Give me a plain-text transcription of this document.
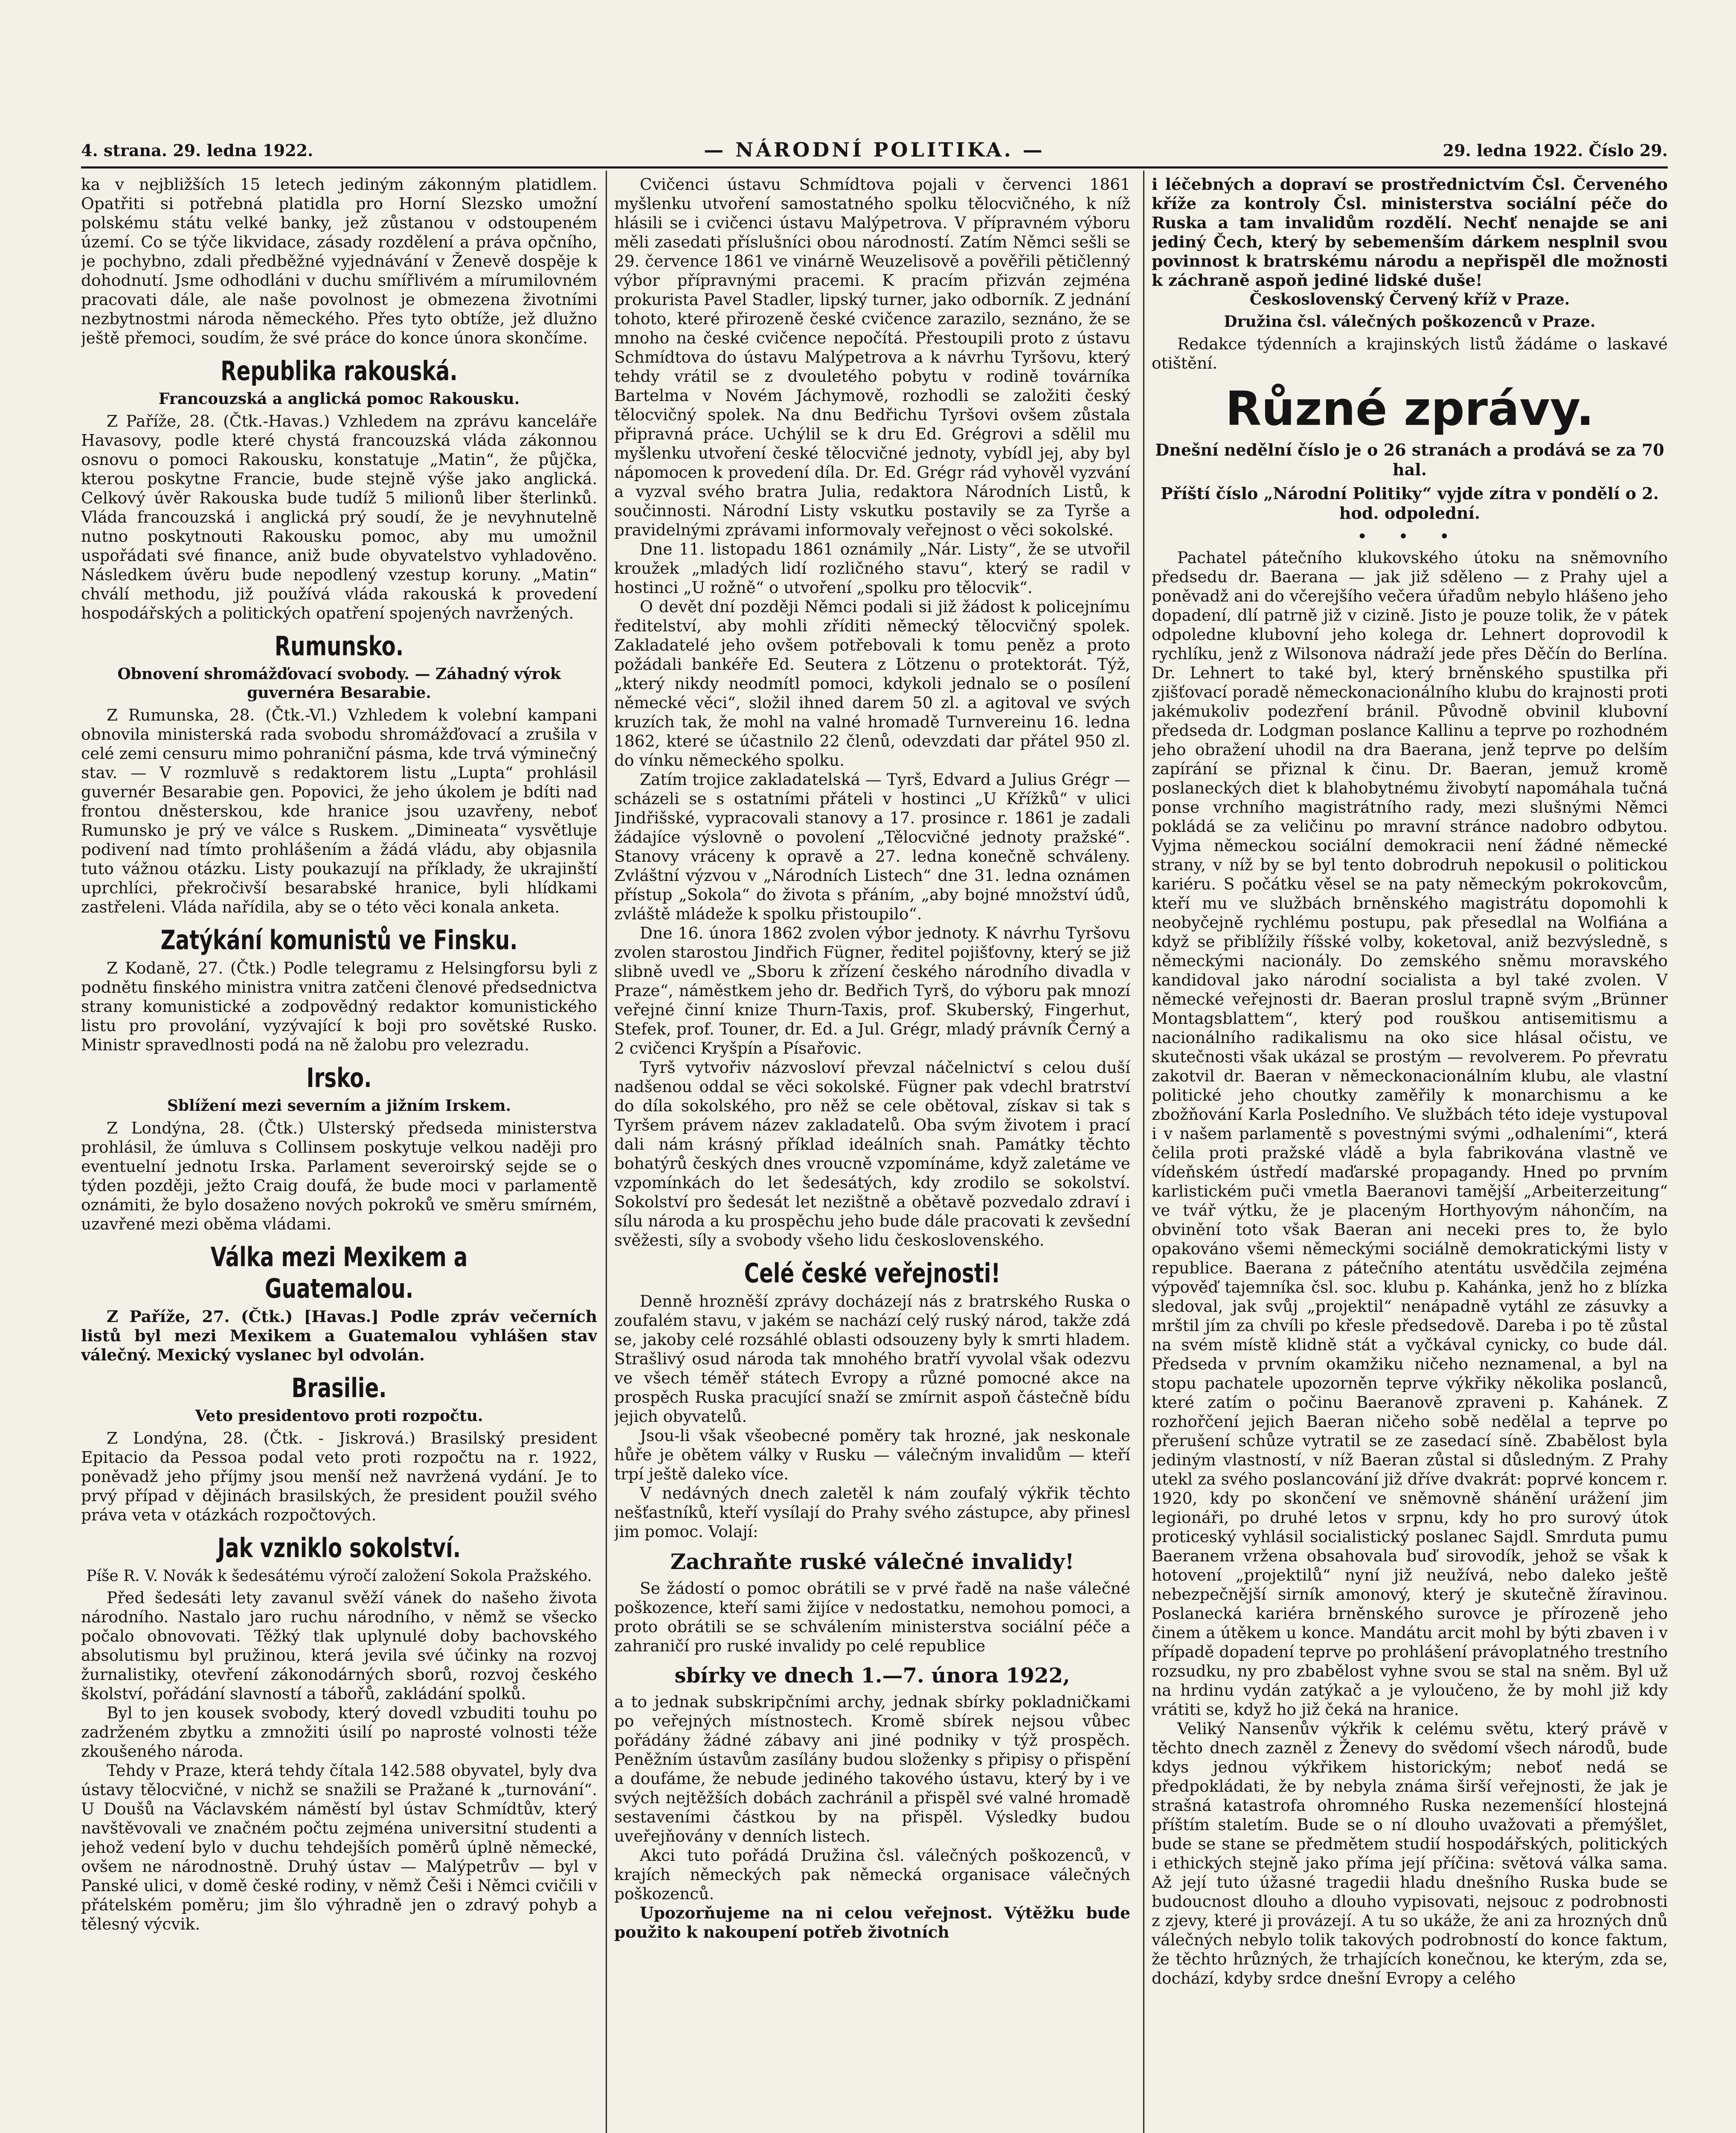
4. strana. 29. ledna 1922.	— NÁRODNÍ POLITIKA. —	29. ledna 1922. Číslo 29.

ka v nejbližších 15 letech jediným zákonným platidlem. Opatřiti si potřebná platidla pro Horní Slezsko umožní polskému státu velké banky, jež zůstanou v odstoupeném území. Co se týče likvidace, zásady rozdělení a práva opčního, je pochybno, zdali předběžné vyjednávání v Ženevě dospěje k dohodnutí. Jsme odhodláni v duchu smířlivém a mírumilovném pracovati dále, ale naše povolnost je obmezena životními nezbytnostmi národa německého. Přes tyto obtíže, jež dlužno ještě přemoci, soudím, že své práce do konce února skončíme.

Republika rakouská.
Francouzská a anglická pomoc Rakousku.

Z Paříže, 28. (Čtk.-Havas.) Vzhledem na zprávu kanceláře Havasovy, podle které chystá francouzská vláda zákonnou osnovu o pomoci Rakousku, konstatuje „Matin“, že půjčka, kterou poskytne Francie, bude stejně výše jako anglická. Celkový úvěr Rakouska bude tudíž 5 milionů liber šterlinků. Vláda francouzská i anglická prý soudí, že je nevyhnutelně nutno poskytnouti Rakousku pomoc, aby mu umožnil uspořádati své finance, aniž bude obyvatelstvo vyhladověno. Následkem úvěru bude nepodlený vzestup koruny. „Matin“ chválí methodu, již používá vláda rakouská k provedení hospodářských a politických opatření spojených navržených.

Rumunsko.
Obnovení shromážďovací svobody. — Záhadný výrok guvernéra Besarabie.

Z Rumunska, 28. (Čtk.-Vl.) Vzhledem k volební kampani obnovila ministerská rada svobodu shromážďovací a zrušila v celé zemi censuru mimo pohraniční pásma, kde trvá výminečný stav. — V rozmluvě s redaktorem listu „Lupta“ prohlásil guvernér Besarabie gen. Popovici, že jeho úkolem je bdíti nad frontou dněsterskou, kde hranice jsou uzavřeny, neboť Rumunsko je prý ve válce s Ruskem. „Dimineata“ vysvětluje podivení nad tímto prohlášením a žádá vládu, aby objasnila tuto vážnou otázku. Listy poukazují na příklady, že ukrajinští uprchlíci, překročivší besarabské hranice, byli hlídkami zastřeleni. Vláda nařídila, aby se o této věci konala anketa.

Zatýkání komunistů ve Finsku.

Z Kodaně, 27. (Čtk.) Podle telegramu z Helsingforsu byli z podnětu finského ministra vnitra zatčeni členové předsednictva strany komunistické a zodpovědný redaktor komunistického listu pro provolání, vyzývající k boji pro sovětské Rusko. Ministr spravedlnosti podá na ně žalobu pro velezradu.

Irsko.
Sblížení mezi severním a jižním Irskem.

Z Londýna, 28. (Čtk.) Ulsterský předseda ministerstva prohlásil, že úmluva s Collinsem poskytuje velkou naději pro eventuelní jednotu Irska. Parlament severoirský sejde se o týden později, ježto Craig doufá, že bude moci v parlamentě oznámiti, že bylo dosaženo nových pokroků ve směru smírném, uzavřené mezi oběma vládami.

Válka mezi Mexikem a Guatemalou.

Z Paříže, 27. (Čtk.) [Havas.] Podle zpráv večerních listů byl mezi Mexikem a Guatemalou vyhlášen stav válečný. Mexický vyslanec byl odvolán.

Brasilie.
Veto presidentovo proti rozpočtu.

Z Londýna, 28. (Čtk. - Jiskrová.) Brasilský president Epitacio da Pessoa podal veto proti rozpočtu na r. 1922, poněvadž jeho příjmy jsou menší než navržená vydání. Je to prvý případ v dějinách brasilských, že president použil svého práva veta v otázkách rozpočtových.

Jak vzniklo sokolství.
Píše R. V. Novák k šedesátému výročí založení Sokola Pražského.

Před šedesáti lety zavanul svěží vánek do našeho života národního. Nastalo jaro ruchu národního, v němž se všecko počalo obnovovati. Těžký tlak uplynulé doby bachovského absolutismu byl pružinou, která jevila své účinky na rozvoj žurnalistiky, otevření zákonodárných sborů, rozvoj českého školství, pořádání slavností a tábořů, zakládání spolků.

Byl to jen kousek svobody, který dovedl vzbuditi touhu po zadrženém zbytku a zmnožiti úsilí po naprosté volnosti téže zkoušeného národa.

Tehdy v Praze, která tehdy čítala 142.588 obyvatel, byly dva ústavy tělocvičné, v nichž se snažili se Pražané k „turnování“. U Doušů na Václavském náměstí byl ústav Schmídtův, který navštěvovali ve značném počtu zejména universitní studenti a jehož vedení bylo v duchu tehdejších poměrů úplně německé, ovšem ne národnostně. Druhý ústav — Malýpetrův — byl v Panské ulici, v domě české rodiny, v němž Češi i Němci cvičili v přátelském poměru; jim šlo výhradně jen o zdravý pohyb a tělesný výcvik.

Cvičenci ústavu Schmídtova pojali v červenci 1861 myšlenku utvoření samostatného spolku tělocvičného, k níž hlásili se i cvičenci ústavu Malýpetrova. V přípravném výboru měli zasedati příslušníci obou národností. Zatím Němci sešli se 29. července 1861 ve vinárně Weuzelisově a pověřili pětičlenný výbor přípravnými pracemi. K pracím přizván zejména prokurista Pavel Stadler, lipský turner, jako odborník. Z jednání tohoto, které přirozeně české cvičence zarazilo, seznáno, že se mnoho na české cvičence nepočítá. Přestoupili proto z ústavu Schmídtova do ústavu Malýpetrova a k návrhu Tyršovu, který tehdy vrátil se z dvouletého pobytu v rodině továrníka Bartelma v Novém Jáchymově, rozhodli se založiti český tělocvičný spolek. Na dnu Bedřichu Tyršovi ovšem zůstala připravná práce. Uchýlil se k dru Ed. Grégrovi a sdělil mu myšlenku utvoření české tělocvičné jednoty, vybídl jej, aby byl nápomocen k provedení díla. Dr. Ed. Grégr rád vyhověl vyzvání a vyzval svého bratra Julia, redaktora Národních Listů, k součinnosti. Národní Listy vskutku postavily se za Tyrše a pravidelnými zprávami informovaly veřejnost o věci sokolské.

Dne 11. listopadu 1861 oznámily „Nár. Listy“, že se utvořil kroužek „mladých lidí rozličného stavu“, který se radil v hostinci „U rožně“ o utvoření „spolku pro tělocvik“.

O devět dní později Němci podali si již žádost k policejnímu ředitelství, aby mohli zříditi německý tělocvičný spolek. Zakladatelé jeho ovšem potřebovali k tomu peněz a proto požádali bankéře Ed. Seutera z Lötzenu o protektorát. Týž, „který nikdy neodmítl pomoci, kdykoli jednalo se o posílení německé věci“, složil ihned darem 50 zl. a agitoval ve svých kruzích tak, že mohl na valné hromadě Turnvereinu 16. ledna 1862, které se účastnilo 22 členů, odevzdati dar přátel 950 zl. do vínku německého spolku.

Zatím trojice zakladatelská — Tyrš, Edvard a Julius Grégr — scházeli se s ostatními přáteli v hostinci „U Křížků“ v ulici Jindřišské, vypracovali stanovy a 17. prosince r. 1861 je zadali žádajíce výslovně o povolení „Tělocvičné jednoty pražské“. Stanovy vráceny k opravě a 27. ledna konečně schváleny. Zvláštní výzvou v „Národních Listech“ dne 31. ledna oznámen přístup „Sokola“ do života s přáním, „aby bojné množství údů, zvláště mládeže k spolku přistoupilo“.

Dne 16. února 1862 zvolen výbor jednoty. K návrhu Tyršovu zvolen starostou Jindřich Fügner, ředitel pojišťovny, který se již slibně uvedl ve „Sboru k zřízení českého národního divadla v Praze“, náměstkem jeho dr. Bedřich Tyrš, do výboru pak mnozí veřejné činní knize Thurn-Taxis, prof. Skuberský, Fingerhut, Stefek, prof. Touner, dr. Ed. a Jul. Grégr, mladý právník Černý a 2 cvičenci Kryšpín a Písařovic.

Tyrš vytvořiv názvosloví převzal náčelnictví s celou duší nadšenou oddal se věci sokolské. Fügner pak vdechl bratrství do díla sokolského, pro něž se cele obětoval, získav si tak s Tyršem právem název zakladatelů. Oba svým životem i prací dali nám krásný příklad ideálních snah. Památky těchto bohatýrů českých dnes vroucně vzpomínáme, když zaletáme ve vzpomínkách do let šedesátých, kdy zrodilo se sokolství. Sokolství pro šedesát let nezištně a obětavě pozvedalo zdraví i sílu národa a ku prospěchu jeho bude dále pracovati k zevšední svěžesti, síly a svobody všeho lidu československého.

Celé české veřejnosti!

Denně hrozněší zprávy docházejí nás z bratrského Ruska o zoufalém stavu, v jakém se nachází celý ruský národ, takže zdá se, jakoby celé rozsáhlé oblasti odsouzeny byly k smrti hladem. Strašlivý osud národa tak mnohého bratří vyvolal však odezvu ve všech téměř státech Evropy a různé pomocné akce na prospěch Ruska pracující snaží se zmírnit aspoň částečně bídu jejich obyvatelů.

Jsou-li však všeobecné poměry tak hrozné, jak neskonale hůře je obětem války v Rusku — válečným invalidům — kteří trpí ještě daleko více.

V nedávných dnech zaletěl k nám zoufalý výkřik těchto nešťastníků, kteří vysílají do Prahy svého zástupce, aby přinesl jim pomoc. Volají:

Zachraňte ruské válečné invalidy!

Se žádostí o pomoc obrátili se v prvé řadě na naše válečné poškozence, kteří sami žijíce v nedostatku, nemohou pomoci, a proto obrátili se se schválením ministerstva sociální péče a zahraničí pro ruské invalidy po celé republice

sbírky ve dnech 1.—7. února 1922,

a to jednak subskripčními archy, jednak sbírky pokladničkami po veřejných místnostech. Kromě sbírek nejsou vůbec pořádány žádné zábavy ani jiné podniky v týž prospěch. Peněžním ústavům zasílány budou složenky s připisy o přispění a doufáme, že nebude jediného takového ústavu, který by i ve svých nejtěžších dobách zachránil a přispěl své valné hromadě sestaveními částkou by na přispěl. Výsledky budou uveřejňovány v denních listech.

Akci tuto pořádá Družina čsl. válečných poškozenců, v krajích německých pak německá organisace válečných poškozenců.

Upozorňujeme na ni celou veřejnost. Výtěžku bude použito k nakoupení potřeb životních

i léčebných a dopraví se prostřednictvím Čsl. Červeného kříže za kontroly Čsl. ministerstva sociální péče do Ruska a tam invalidům rozdělí. Nechť nenajde se ani jediný Čech, který by sebemenším dárkem nesplnil svou povinnost k bratrskému národu a nepřispěl dle možnosti k záchraně aspoň jediné lidské duše!

Československý Červený kříž v Praze.
Družina čsl. válečných poškozenců v Praze.

Redakce týdenních a krajinských listů žádáme o laskavé otištění.

Různé zprávy.
Dnešní nedělní číslo je o 26 stranách a prodává se za 70 hal.
Příští číslo „Národní Politiky“ vyjde zítra v pondělí o 2. hod. odpolední.
• • •

Pachatel pátečního klukovského útoku na sněmovního předsedu dr. Baerana — jak již sděleno — z Prahy ujel a poněvadž ani do včerejšího večera úřadům nebylo hlášeno jeho dopadení, dlí patrně již v cizině. Jisto je pouze tolik, že v pátek odpoledne klubovní jeho kolega dr. Lehnert doprovodil k rychlíku, jenž z Wilsonova nádraží jede přes Děčín do Berlína. Dr. Lehnert to také byl, který brněnského spustilka při zjišťovací poradě německonacionálního klubu do krajnosti proti jakémukoliv podezření bránil. Původně obvinil klubovní předseda dr. Lodgman poslance Kallinu a teprve po rozhodném jeho obražení uhodil na dra Baerana, jenž teprve po delším zapírání se přiznal k činu. Dr. Baeran, jemuž kromě poslaneckých diet k blahobytnému živobytí napomáhala tučná ponse vrchního magistrátního rady, mezi slušnými Němci pokládá se za veličinu po mravní stránce nadobro odbytou. Vyjma německou sociální demokracii není žádné německé strany, v níž by se byl tento dobrodruh nepokusil o politickou kariéru. S počátku věsel se na paty německým pokrokovcům, kteří mu ve službách brněnského magistrátu dopomohli k neobyčejně rychlému postupu, pak přesedlal na Wolfiána a když se přiblížily říšské volby, koketoval, aniž bezvýsledně, s německými nacionály. Do zemského sněmu moravského kandidoval jako národní socialista a byl také zvolen. V německé veřejnosti dr. Baeran proslul trapně svým „Brünner Montagsblattem“, který pod rouškou antisemitismu a nacionálního radikalismu na oko sice hlásal očistu, ve skutečnosti však ukázal se prostým — revolverem. Po převratu zakotvil dr. Baeran v německonacionálním klubu, ale vlastní politické jeho choutky zaměřily k monarchismu a ke zbožňování Karla Posledního. Ve službách této ideje vystupoval i v našem parlamentě s povestnými svými „odhaleními“, která čelila proti pražské vládě a byla fabrikována vlastně ve vídeňském ústředí maďarské propagandy. Hned po prvním karlistickém puči vmetla Baeranovi tamější „Arbeiterzeitung“ ve tvář výtku, že je placeným Horthyovým náhončím, na obvinění toto však Baeran ani neceki pres to, že bylo opakováno všemi německými sociálně demokratickými listy v republice. Baerana z pátečního atentátu usvědčila zejména výpověď tajemníka čsl. soc. klubu p. Kahánka, jenž ho z blízka sledoval, jak svůj „projektil“ nenápadně vytáhl ze zásuvky a mrštil jím za chvíli po křesle předsedově. Dareba i po tě zůstal na svém místě klidně stát a vyčkával cynicky, co bude dál. Předseda v prvním okamžiku ničeho neznamenal, a byl na stopu pachatele upozorněn teprve výkřiky několika poslanců, které zatím o počinu Baeranově zpraveni p. Kahánek. Z rozhořčení jejich Baeran ničeho sobě nedělal a teprve po přerušení schůze vytratil se ze zasedací síně. Zbabělost byla jediným vlastností, v níž Baeran zůstal si důsledným. Z Prahy utekl za svého poslancování již dříve dvakrát: poprvé koncem r. 1920, kdy po skončení ve sněmovně shánění urážení jim legionáři, po druhé letos v srpnu, kdy ho pro surový útok proticeský vyhlásil socialistický poslanec Sajdl. Smrduta pumu Baeranem vržena obsahovala buď sirovodík, jehož se však k hotovení „projektilů“ nyní již neužívá, nebo daleko ještě nebezpečnější sirník amonový, který je skutečně žíravinou. Poslanecká kariéra brněnského surovce je přírozeně jeho činem a útěkem u konce. Mandátu arcit mohl by býti zbaven i v případě dopadení teprve po prohlášení právoplatného trestního rozsudku, ny pro zbabělost vyhne svou se stal na sněm. Byl už na hrdinu vydán zatýkač a je vyloučeno, že by mohl již kdy vrátiti se, když ho již čeká na hranice.

Veliký Nansenův výkřik k celému světu, který právě v těchto dnech zazněl z Ženevy do svědomí všech národů, bude kdys jednou výkřikem historickým; neboť nedá se předpokládati, že by nebyla známa širší veřejnosti, že jak je strašná katastrofa ohromného Ruska nezemenšící hlostejná příštím staletím. Bude se o ní dlouho uvažovati a přemýšlet, bude se stane se předmětem studií hospodářských, politických i ethických stejně jako příma její příčina: světová válka sama. Až její tuto úžasné tragedii hladu dnešního Ruska bude se budoucnost dlouho a dlouho vypisovati, nejsouc z podrobnosti z zjevy, které ji provázejí. A tu so ukáže, že ani za hrozných dnů válečných nebylo tolik takových podrobností do konce faktum, že těchto hrůzných, že trhajících konečnou, ke kterým, zda se, dochází, kdyby srdce dnešní Evropy a celého
